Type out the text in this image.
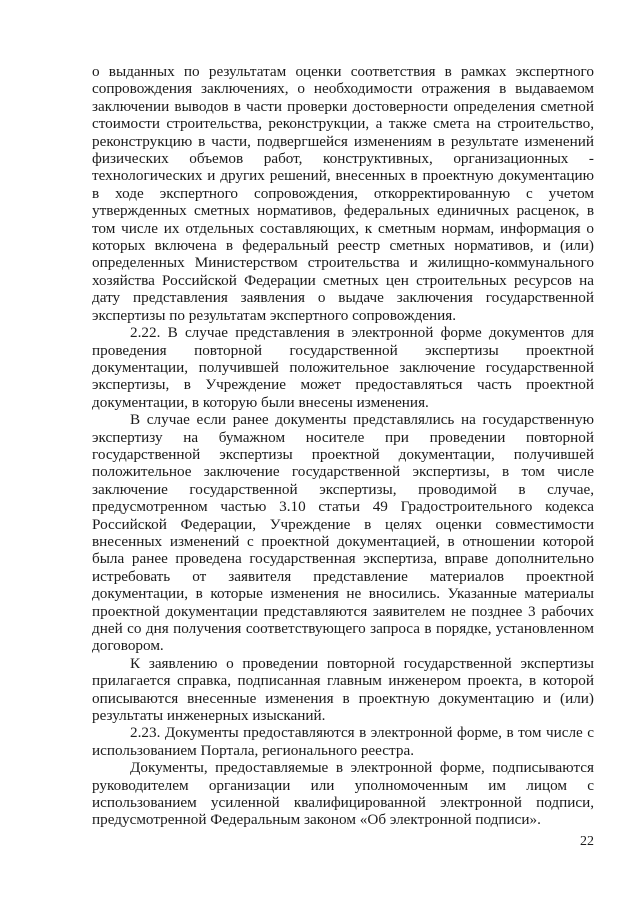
о выданных по результатам оценки соответствия в рамках экспертного сопровождения заключениях, о необходимости отражения в выдаваемом заключении выводов в части проверки достоверности определения сметной стоимости строительства, реконструкции, а также смета на строительство, реконструкцию в части, подвергшейся изменениям в результате изменений физических объемов работ, конструктивных, организационных - технологических и других решений, внесенных в проектную документацию в ходе экспертного сопровождения, откорректированную с учетом утвержденных сметных нормативов, федеральных единичных расценок, в том числе их отдельных составляющих, к сметным нормам, информация о которых включена в федеральный реестр сметных нормативов, и (или) определенных Министерством строительства и жилищно-коммунального хозяйства Российской Федерации сметных цен строительных ресурсов на дату представления заявления о выдаче заключения государственной экспертизы по результатам экспертного сопровождения.

2.22. В случае представления в электронной форме документов для проведения повторной государственной экспертизы проектной документации, получившей положительное заключение государственной экспертизы, в Учреждение может предоставляться часть проектной документации, в которую были внесены изменения.

В случае если ранее документы представлялись на государственную экспертизу на бумажном носителе при проведении повторной государственной экспертизы проектной документации, получившей положительное заключение государственной экспертизы, в том числе заключение государственной экспертизы, проводимой в случае, предусмотренном частью 3.10 статьи 49 Градостроительного кодекса Российской Федерации, Учреждение в целях оценки совместимости внесенных изменений с проектной документацией, в отношении которой была ранее проведена государственная экспертиза, вправе дополнительно истребовать от заявителя представление материалов проектной документации, в которые изменения не вносились. Указанные материалы проектной документации представляются заявителем не позднее 3 рабочих дней со дня получения соответствующего запроса в порядке, установленном договором.

К заявлению о проведении повторной государственной экспертизы прилагается справка, подписанная главным инженером проекта, в которой описываются внесенные изменения в проектную документацию и (или) результаты инженерных изысканий.

2.23. Документы предоставляются в электронной форме, в том числе с использованием Портала, регионального реестра.

Документы, предоставляемые в электронной форме, подписываются руководителем организации или уполномоченным им лицом с использованием усиленной квалифицированной электронной подписи, предусмотренной Федеральным законом «Об электронной подписи».

22
